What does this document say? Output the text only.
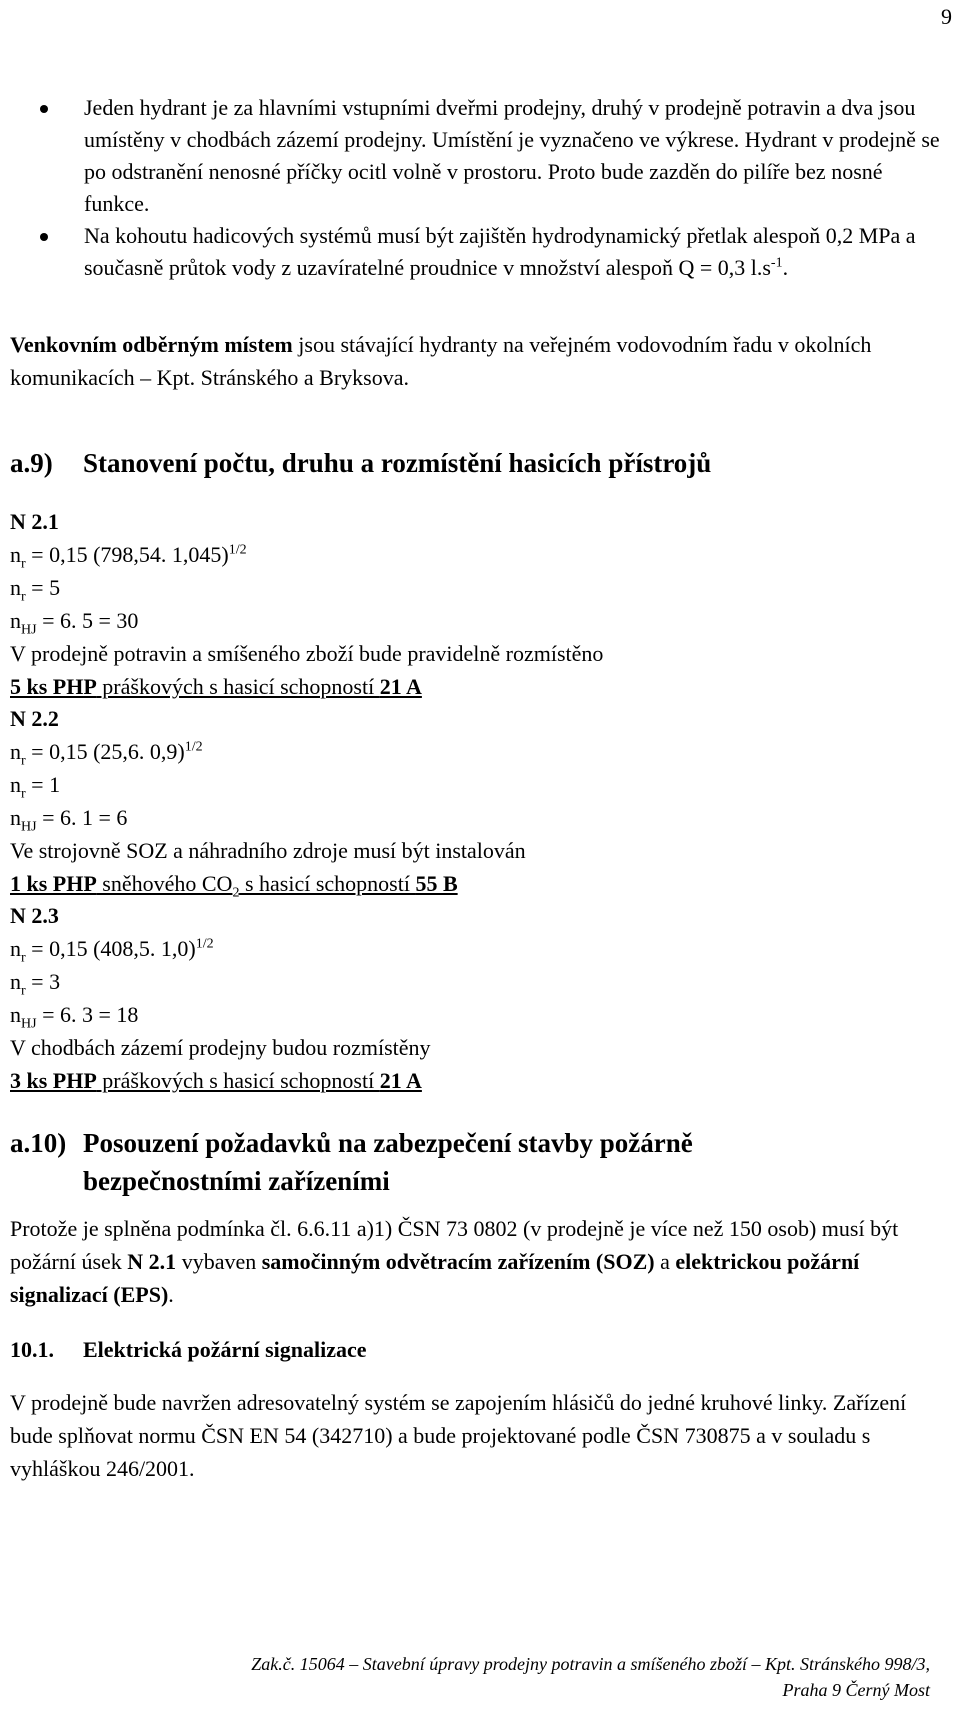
9
Jeden hydrant je za hlavními vstupními dveřmi prodejny, druhý v prodejně potravin a dva jsou umístěny v chodbách zázemí prodejny. Umístění je vyznačeno ve výkrese. Hydrant v prodejně se po odstranění nenosné příčky ocitl volně v prostoru. Proto bude zazděn do pilíře bez nosné funkce.
Na kohoutu hadicových systémů musí být zajištěn hydrodynamický přetlak alespoň 0,2 MPa a současně průtok vody z uzavíratelné proudnice v množství alespoň Q = 0,3 $l.s^{-1}$.
Venkovním odběrným místem jsou stávající hydranty na veřejném vodovodním řadu v okolních komunikacích – Kpt. Stránského a Bryksova.
a.9) Stanovení počtu, druhu a rozmístění hasicích přístrojů
N 2.1
$n_r = 0,15$ (798,54. 1,045)$^{1/2}$
$n_r = 5$
$n_{HJ} = 6$. 5 = 30
V prodejně potravin a smíšeného zboží bude pravidelně rozmístěno
5 ks PHP práškových s hasicí schopností 21 A
N 2.2
$n_r = 0,15$ (25,6. 0,9)$^{1/2}$
$n_r = 1$
$n_{HJ} = 6$. 1 = 6
Ve strojovně SOZ a náhradního zdroje musí být instalován
1 ks PHP sněhového $CO_2$ s hasicí schopností 55 B
N 2.3
$n_r = 0,15$ (408,5. 1,0)$^{1/2}$
$n_r = 3$
$n_{HJ} = 6$. 3 = 18
V chodbách zázemí prodejny budou rozmístěny
3 ks PHP práškových s hasicí schopností 21 A
a.10) Posouzení požadavků na zabezpečení stavby požárně
bezpečnostními zařízeními
Protože je splněna podmínka čl. 6.6.11 a)1) ČSN 73 0802 (v prodejně je více než 150 osob) musí být požární úsek N 2.1 vybaven samočinným odvětracím zařízením (SOZ) a elektrickou požární signalizací (EPS).
10.1. Elektrická požární signalizace
V prodejně bude navržen adresovatelný systém se zapojením hlásičů do jedné kruhové linky. Zařízení bude splňovat normu ČSN EN 54 (342710) a bude projektované podle ČSN 730875 a v souladu s vyhláškou 246/2001.
Zak.č. 15064 – Stavební úpravy prodejny potravin a smíšeného zboží – Kpt. Stránského 998/3,
Praha 9 Černý Most
